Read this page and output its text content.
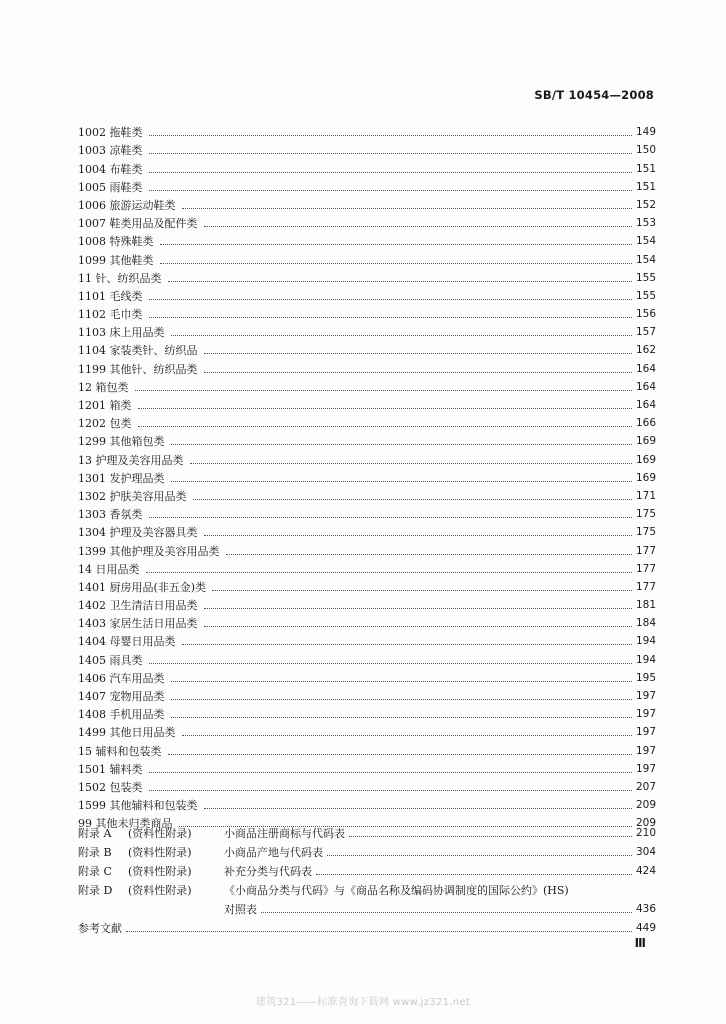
SB/T 10454—2008
1002 拖鞋类	149
1003 凉鞋类	150
1004 布鞋类	151
1005 雨鞋类	151
1006 旅游运动鞋类	152
1007 鞋类用品及配件类	153
1008 特殊鞋类	154
1099 其他鞋类	154
11 针、纺织品类	155
1101 毛线类	155
1102 毛巾类	156
1103 床上用品类	157
1104 家装类针、纺织品	162
1199 其他针、纺织品类	164
12 箱包类	164
1201 箱类	164
1202 包类	166
1299 其他箱包类	169
13 护理及美容用品类	169
1301 发护理品类	169
1302 护肤美容用品类	171
1303 香氛类	175
1304 护理及美容器具类	175
1399 其他护理及美容用品类	177
14 日用品类	177
1401 厨房用品(非五金)类	177
1402 卫生清洁日用品类	181
1403 家居生活日用品类	184
1404 母婴日用品类	194
1405 雨具类	194
1406 汽车用品类	195
1407 宠物用品类	197
1408 手机用品类	197
1499 其他日用品类	197
15 辅料和包装类	197
1501 辅料类	197
1502 包装类	207
1599 其他辅料和包装类	209
99 其他未归类商品	209
附录 A	(资料性附录)	小商品注册商标与代码表	210
附录 B	(资料性附录)	小商品产地与代码表	304
附录 C	(资料性附录)	补充分类与代码表	424
附录 D	(资料性附录)	《小商品分类与代码》与《商品名称及编码协调制度的国际公约》(HS)
对照表	436
参考文献	449
Ⅲ
建筑321——标准查询下载网 www.jz321.net
